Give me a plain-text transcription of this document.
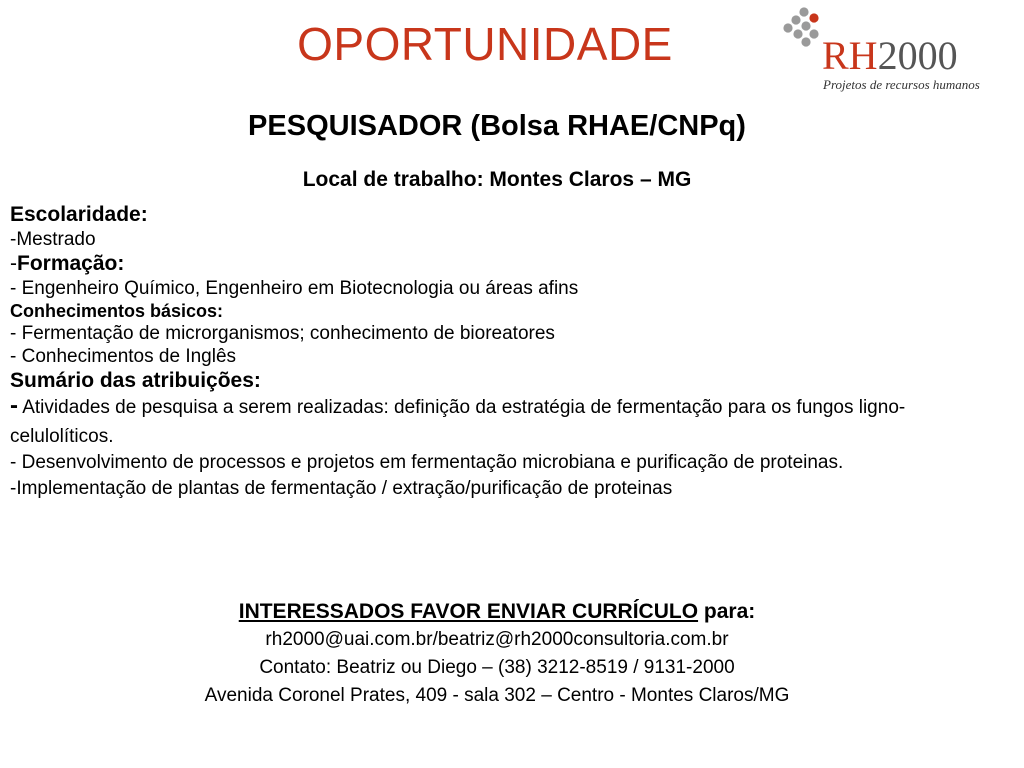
OPORTUNIDADE	RH2000
Projetos de recursos humanos
PESQUISADOR (Bolsa RHAE/CNPq)
Local de trabalho: Montes Claros – MG
Escolaridade:
-Mestrado
-Formação:
- Engenheiro Químico, Engenheiro em Biotecnologia ou áreas afins
Conhecimentos básicos:
- Fermentação de microrganismos; conhecimento de bioreatores
- Conhecimentos de Inglês
Sumário das atribuições:
- Atividades de pesquisa a serem realizadas: definição da estratégia de fermentação para os fungos ligno-celulolíticos.
- Desenvolvimento de processos e projetos em fermentação microbiana e purificação de proteinas.
-Implementação de plantas de fermentação / extração/purificação de proteinas
INTERESSADOS FAVOR ENVIAR CURRÍCULO para:
rh2000@uai.com.br/beatriz@rh2000consultoria.com.br
Contato: Beatriz ou Diego – (38) 3212-8519 / 9131-2000
Avenida Coronel Prates, 409 - sala 302 – Centro - Montes Claros/MG
